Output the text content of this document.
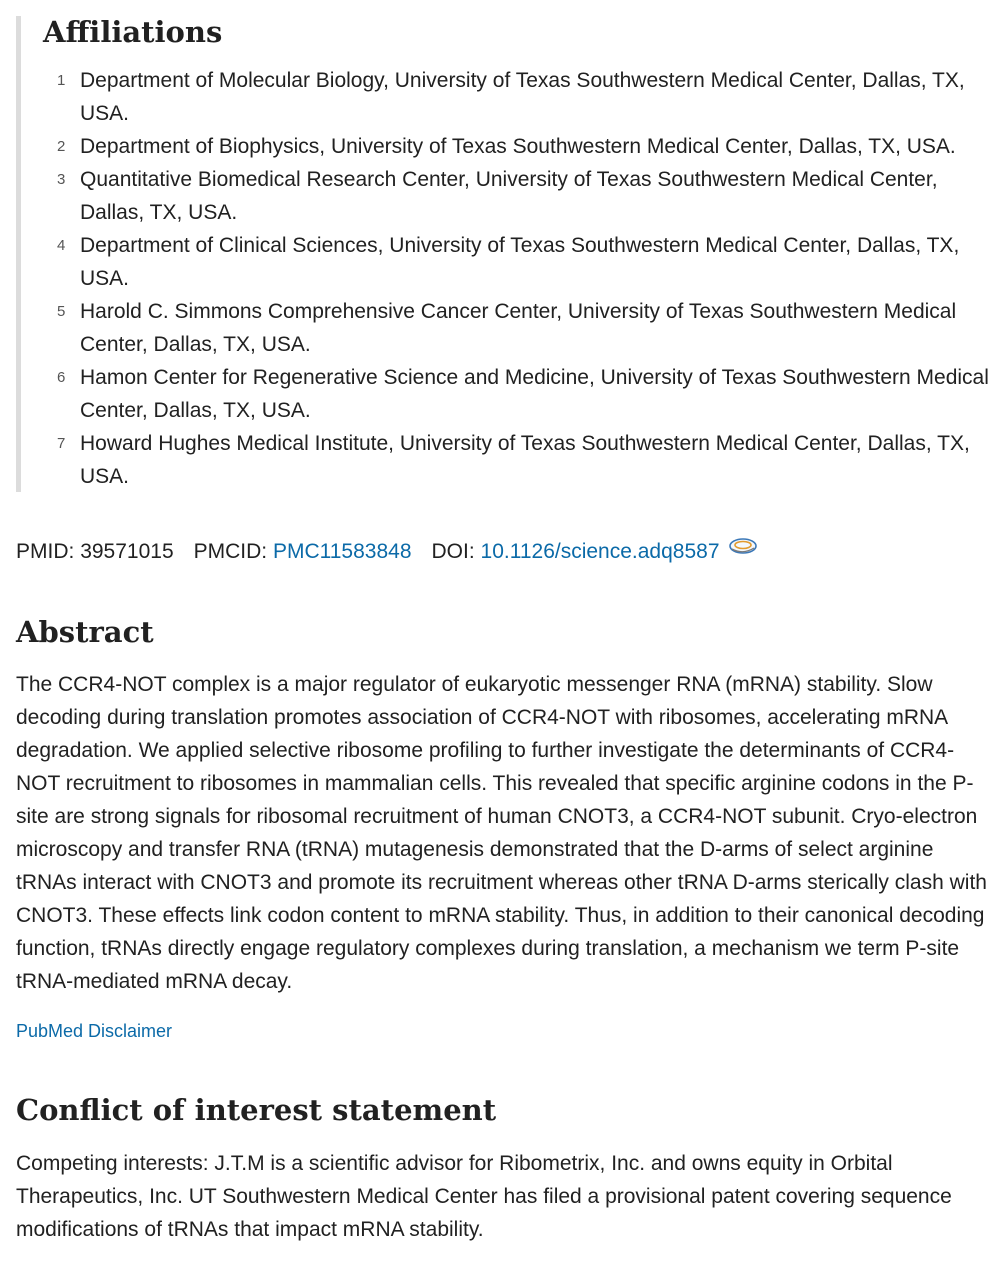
Affiliations
1 Department of Molecular Biology, University of Texas Southwestern Medical Center, Dallas, TX, USA.
2 Department of Biophysics, University of Texas Southwestern Medical Center, Dallas, TX, USA.
3 Quantitative Biomedical Research Center, University of Texas Southwestern Medical Center, Dallas, TX, USA.
4 Department of Clinical Sciences, University of Texas Southwestern Medical Center, Dallas, TX, USA.
5 Harold C. Simmons Comprehensive Cancer Center, University of Texas Southwestern Medical Center, Dallas, TX, USA.
6 Hamon Center for Regenerative Science and Medicine, University of Texas Southwestern Medical Center, Dallas, TX, USA.
7 Howard Hughes Medical Institute, University of Texas Southwestern Medical Center, Dallas, TX, USA.
PMID:
39571015 PMCID:
PMC11583848 DOI:
10.1126/science.adq8587
Abstract

The CCR4-NOT complex is a major regulator of eukaryotic messenger RNA (mRNA) stability. Slow decoding during translation promotes association of CCR4-NOT with ribosomes, accelerating mRNA degradation. We applied selective ribosome profiling to further investigate the determinants of CCR4-NOT recruitment to ribosomes in mammalian cells. This revealed that specific arginine codons in the P-site are strong signals for ribosomal recruitment of human CNOT3, a CCR4-NOT subunit. Cryo-electron microscopy and transfer RNA (tRNA) mutagenesis demonstrated that the D-arms of select arginine tRNAs interact with CNOT3 and promote its recruitment whereas other tRNA D-arms sterically clash with CNOT3. These effects link codon content to mRNA stability. Thus, in addition to their canonical decoding function, tRNAs directly engage regulatory complexes during translation, a mechanism we term P-site tRNA-mediated mRNA decay.

PubMed Disclaimer
Conflict of interest statement

Competing interests: J.T.M is a scientific advisor for Ribometrix, Inc. and owns equity in Orbital Therapeutics, Inc. UT Southwestern Medical Center has filed a provisional patent covering sequence modifications of tRNAs that impact mRNA stability.
